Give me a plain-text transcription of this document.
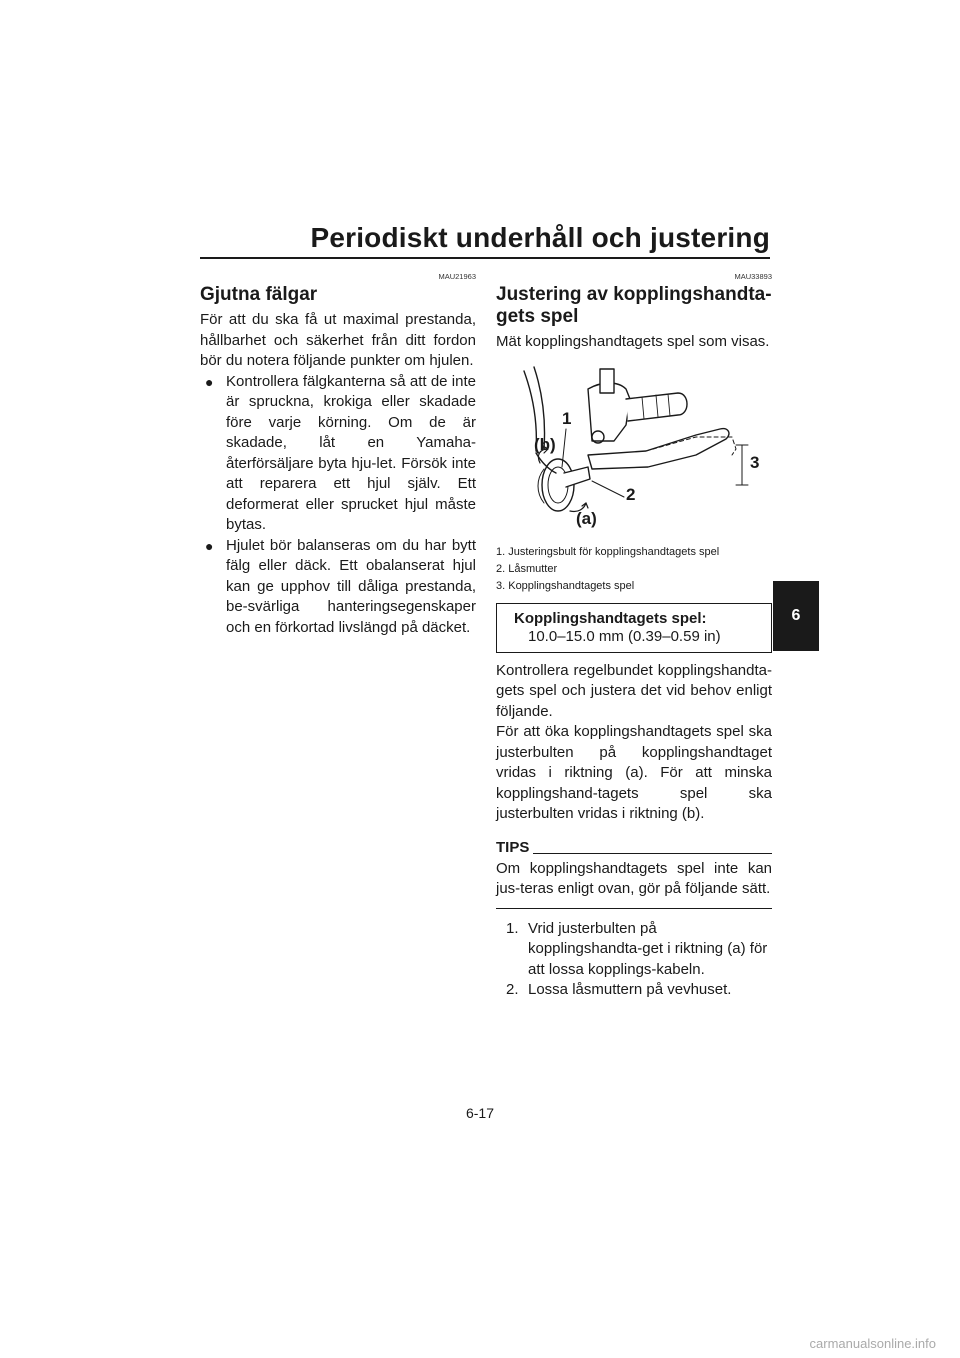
Periodiskt underhåll och justering
6
MAU21963
Gjutna fälgar

För att du ska få ut maximal prestanda, hållbarhet och säkerhet från ditt fordon bör du notera följande punkter om hjulen.

● Kontrollera fälgkanterna så att de inte är spruckna, krokiga eller skadade före varje körning. Om de är skadade, låt en Yamaha-återförsäljare byta hju-let. Försök inte att reparera ett hjul själv. Ett deformerat eller sprucket hjul måste bytas.
● Hjulet bör balanseras om du har bytt fälg eller däck. Ett obalanserat hjul kan ge upphov till dåliga prestanda, be-svärliga hanteringsegenskaper och en förkortad livslängd på däcket.
MAU33893
Justering av kopplingshandta-gets spel

Mät kopplingshandtagets spel som visas.

1
(b)
3
2
(a)
1. Justeringsbult för kopplingshandtagets spel
2. Låsmutter
3. Kopplingshandtagets spel
Kopplingshandtagets spel:
10.0–15.0 mm (0.39–0.59 in)

Kontrollera regelbundet kopplingshandta-gets spel och justera det vid behov enligt följande.

För att öka kopplingshandtagets spel ska justerbulten på kopplingshandtaget vridas i riktning (a). För att minska kopplingshand-tagets spel ska justerbulten vridas i riktning (b).

TIPS

Om kopplingshandtagets spel inte kan jus-teras enligt ovan, gör på följande sätt.

1. Vrid justerbulten på kopplingshandta-get i riktning (a) för att lossa kopplings-kabeln.
2. Lossa låsmuttern på vevhuset.
6-17
carmanualsonline.info
